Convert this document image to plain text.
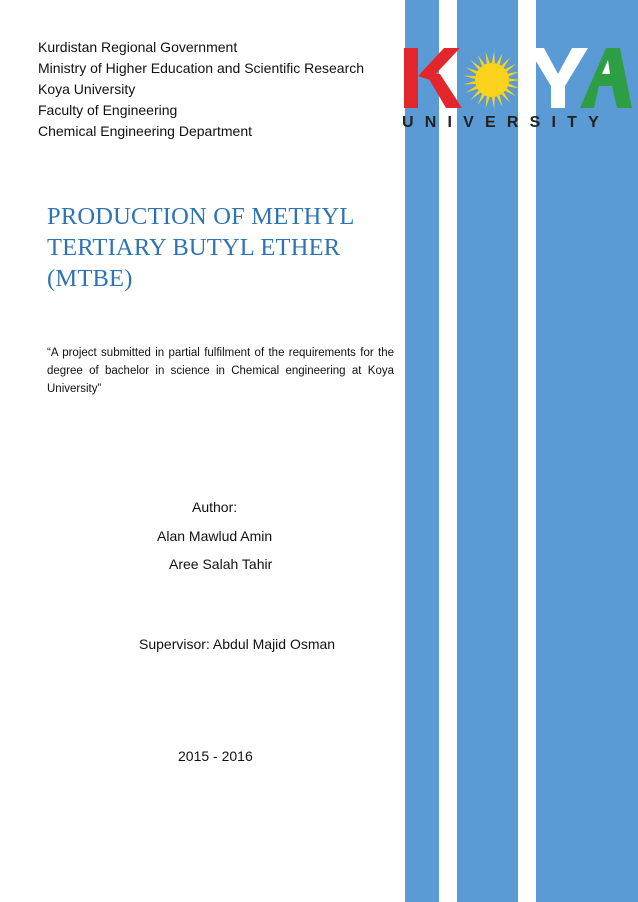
Kurdistan Regional Government
Ministry of Higher Education and Scientific Research
Koya University
Faculty of Engineering
Chemical Engineering Department	UNIVERSITY
PRODUCTION OF METHYL
TERTIARY BUTYL ETHER
(MTBE)
“A project submitted in partial fulfilment of the requirements for the degree of bachelor in science in Chemical engineering at Koya University”
Author:
Alan Mawlud Amin
Aree Salah Tahir
Supervisor: Abdul Majid Osman
2015 - 2016
